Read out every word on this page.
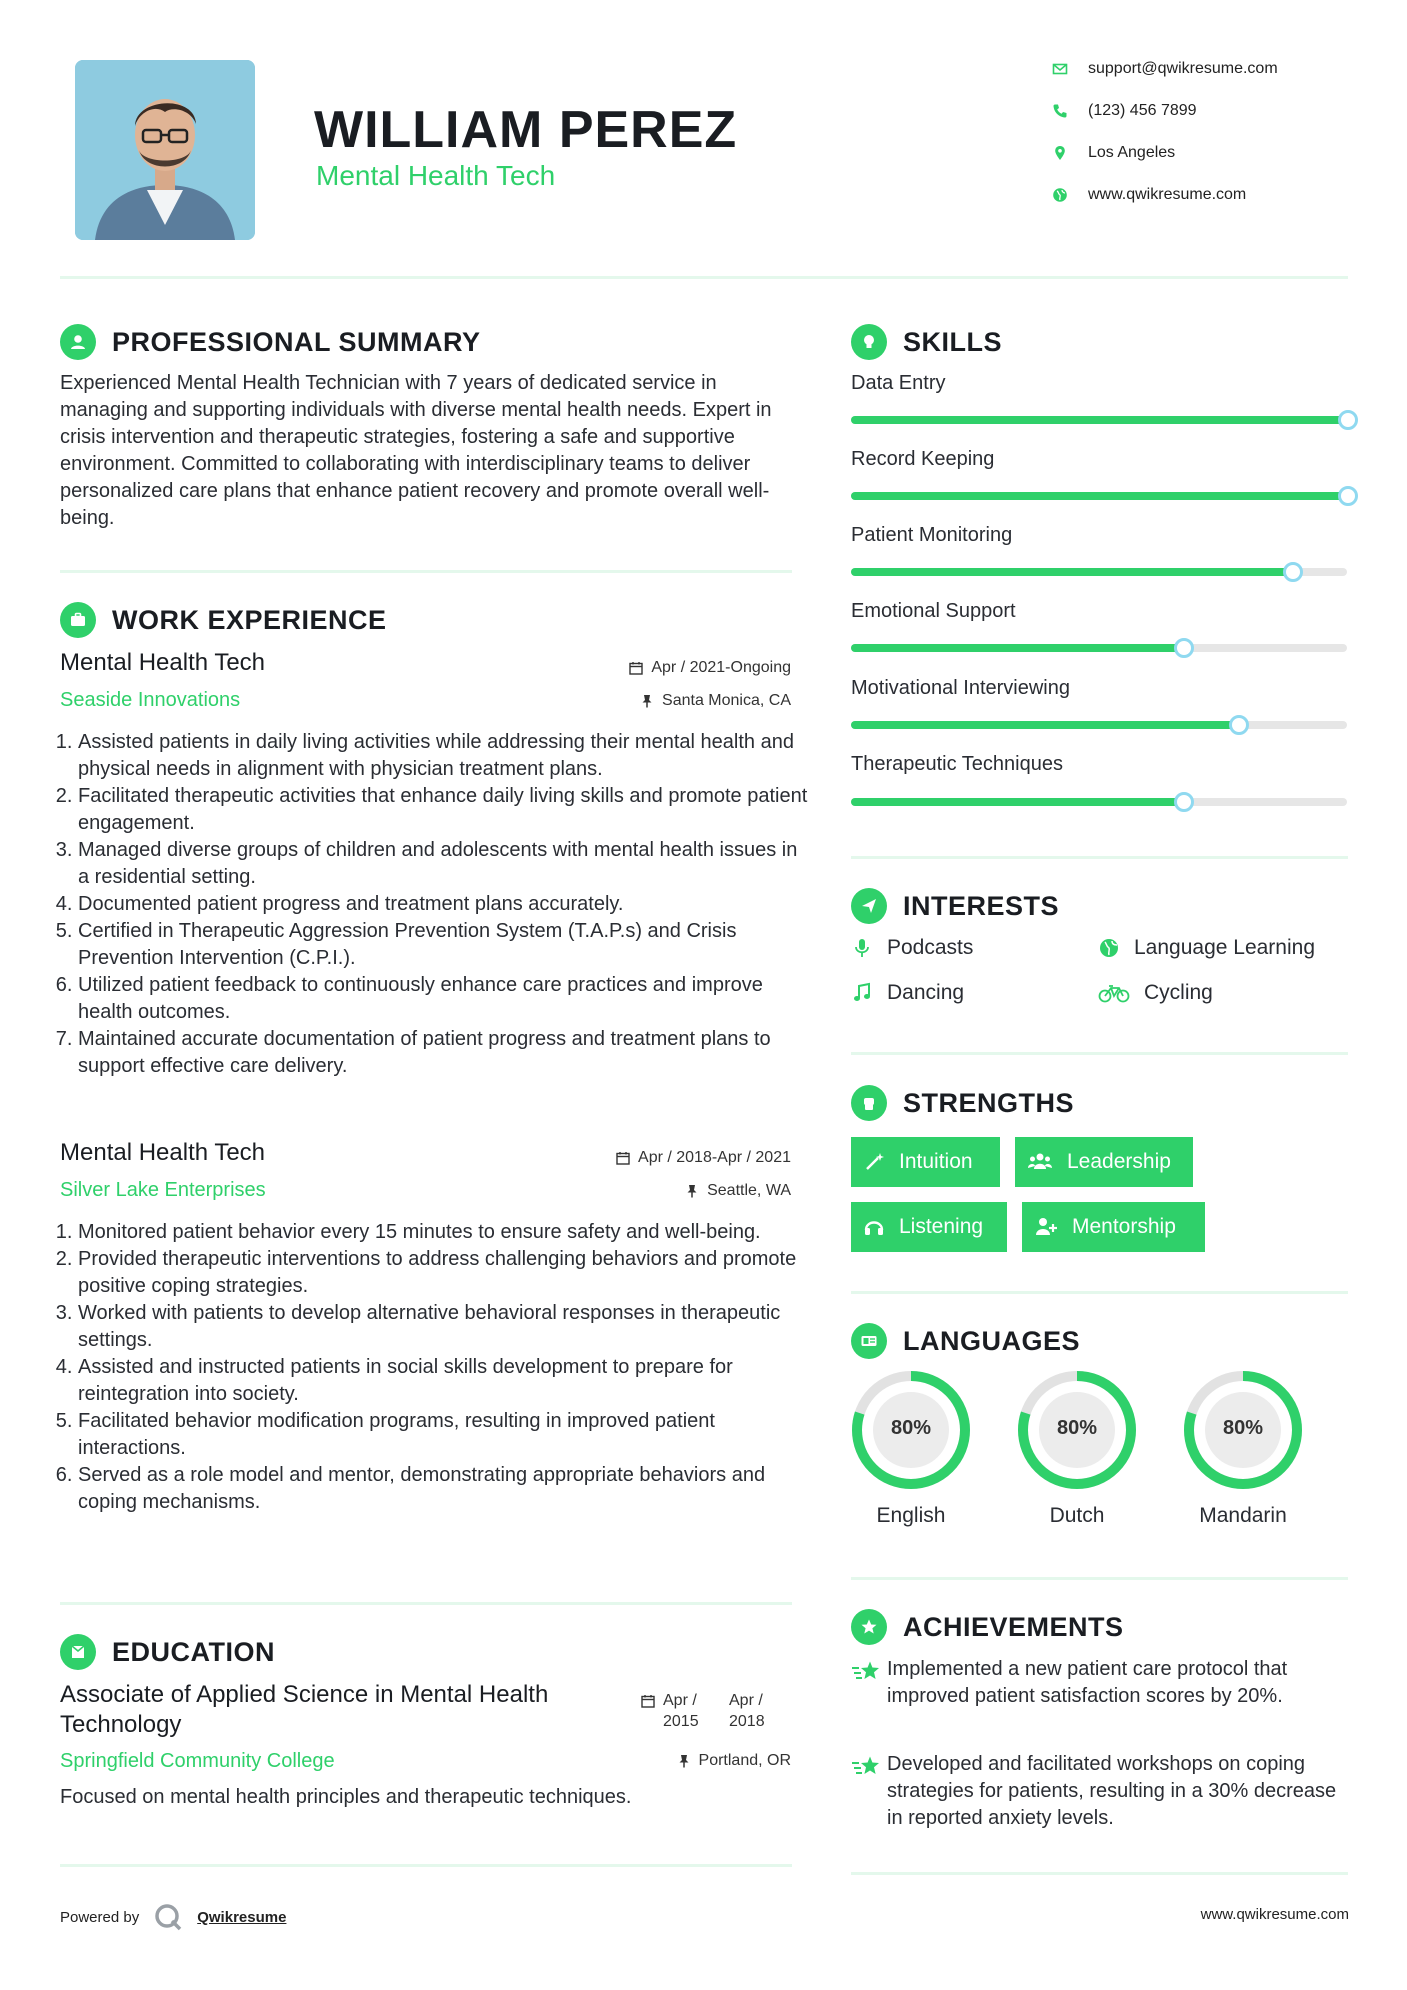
WILLIAM PEREZ
Mental Health Tech
support@qwikresume.com
(123) 456 7899
Los Angeles
www.qwikresume.com
PROFESSIONAL SUMMARY

Experienced Mental Health Technician with 7 years of dedicated service in managing and supporting individuals with diverse mental health needs. Expert in crisis intervention and therapeutic strategies, fostering a safe and supportive environment. Committed to collaborating with interdisciplinary teams to deliver personalized care plans that enhance patient recovery and promote overall well-being.

WORK EXPERIENCE
Mental Health Tech
Seaside Innovations
Apr / 2021-Ongoing
Santa Monica, CA
1. Assisted patients in daily living activities while addressing their mental health and physical needs in alignment with physician treatment plans.
2. Facilitated therapeutic activities that enhance daily living skills and promote patient engagement.
3. Managed diverse groups of children and adolescents with mental health issues in a residential setting.
4. Documented patient progress and treatment plans accurately.
5. Certified in Therapeutic Aggression Prevention System (T.A.P.s) and Crisis Prevention Intervention (C.P.I.).
6. Utilized patient feedback to continuously enhance care practices and improve health outcomes.
7. Maintained accurate documentation of patient progress and treatment plans to support effective care delivery.
Mental Health Tech
Silver Lake Enterprises
Apr / 2018-Apr / 2021
Seattle, WA
1. Monitored patient behavior every 15 minutes to ensure safety and well-being.
2. Provided therapeutic interventions to address challenging behaviors and promote positive coping strategies.
3. Worked with patients to develop alternative behavioral responses in therapeutic settings.
4. Assisted and instructed patients in social skills development to prepare for reintegration into society.
5. Facilitated behavior modification programs, resulting in improved patient interactions.
6. Served as a role model and mentor, demonstrating appropriate behaviors and coping mechanisms.
EDUCATION
Associate of Applied Science in Mental Health Technology
Apr / 2015
Apr / 2018
Springfield Community College	Portland, OR
Focused on mental health principles and therapeutic techniques.
SKILLS
Data Entry
Record Keeping
Patient Monitoring
Emotional Support
Motivational Interviewing
Therapeutic Techniques
INTERESTS
Podcasts	Language Learning
Dancing	Cycling
STRENGTHS
Intuition	Leadership
Listening	Mentorship
LANGUAGES
80%
English
80%
Dutch
80%
Mandarin
ACHIEVEMENTS
Implemented a new patient care protocol that improved patient satisfaction scores by 20%.
Developed and facilitated workshops on coping strategies for patients, resulting in a 30% decrease in reported anxiety levels.
Powered by	Qwikresume	www.qwikresume.com
